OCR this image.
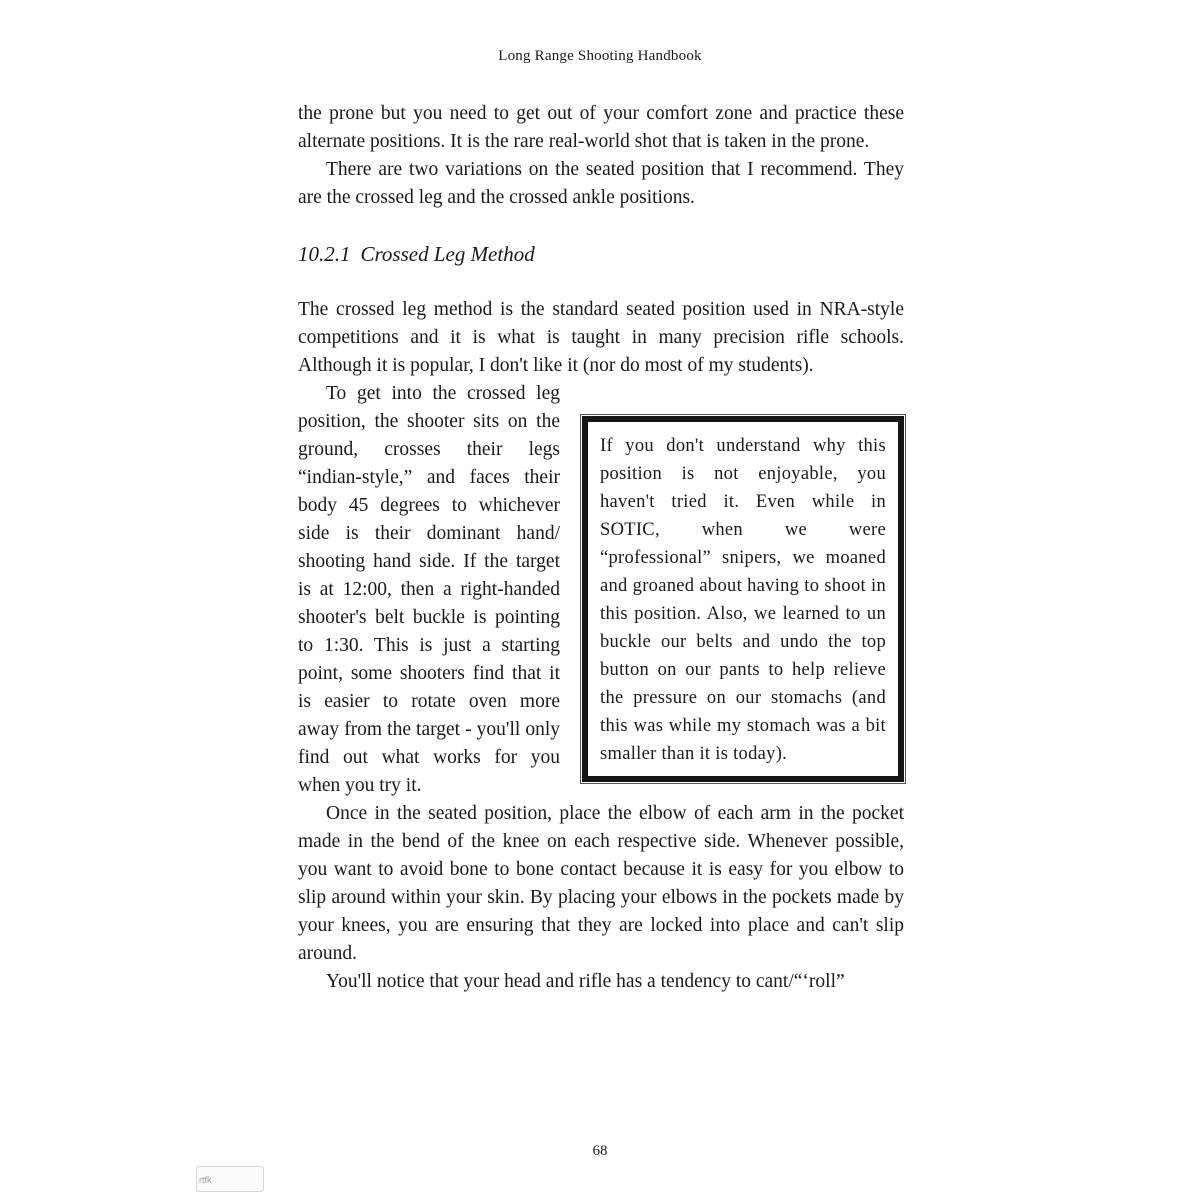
Long Range Shooting Handbook

the prone but you need to get out of your comfort zone and practice these alternate positions. It is the rare real-world shot that is taken in the prone.

There are two variations on the seated position that I recommend. They are the crossed leg and the crossed ankle positions.

10.2.1 Crossed Leg Method

The crossed leg method is the standard seated position used in NRA-style competitions and it is what is taught in many precision rifle schools. Although it is popular, I don't like it (nor do most of my students).

If you don't understand why this position is not enjoyable, you haven't tried it. Even while in SOTIC, when we were “professional” snipers, we moaned and groaned about having to shoot in this position. Also, we learned to un buckle our belts and undo the top button on our pants to help relieve the pressure on our stomachs (and this was while my stomach was a bit smaller than it is today).

To get into the crossed leg position, the shooter sits on the ground, crosses their legs “indian-style,” and faces their body 45 degrees to whichever side is their dominant hand/ shooting hand side. If the target is at 12:00, then a right-handed shooter's belt buckle is pointing to 1:30. This is just a starting point, some shooters find that it is easier to rotate oven more away from the target - you'll only find out what works for you when you try it.

Once in the seated position, place the elbow of each arm in the pocket made in the bend of the knee on each respective side. Whenever possible, you want to avoid bone to bone contact because it is easy for you elbow to slip around within your skin. By placing your elbows in the pockets made by your knees, you are ensuring that they are locked into place and can't slip around.

You'll notice that your head and rifle has a tendency to cant/“‘roll”

68
rtfk
